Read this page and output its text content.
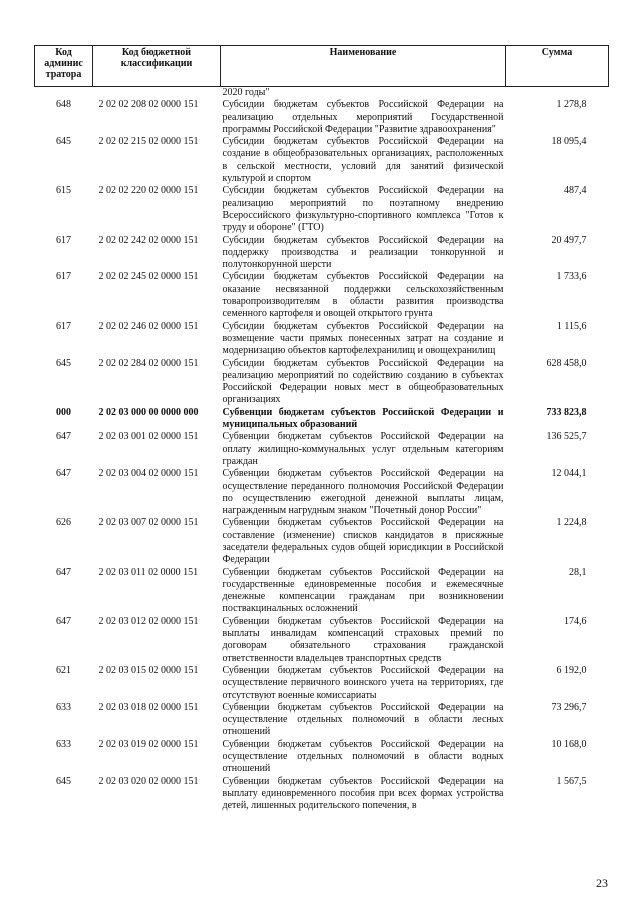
Код админис тратора	Код бюджетной классификации	Наименование	Сумма
		2020 годы"	
648	2 02 02 208 02 0000 151	Субсидии бюджетам субъектов Российской Федерации на реализацию отдельных мероприятий Государственной программы Российской Федерации "Развитие здравоохранения"	1 278,8
645	2 02 02 215 02 0000 151	Субсидии бюджетам субъектов Российской Федерации на создание в общеобразовательных организациях, расположенных в сельской местности, условий для занятий физической культурой и спортом	18 095,4
615	2 02 02 220 02 0000 151	Субсидии бюджетам субъектов Российской Федерации на реализацию мероприятий по поэтапному внедрению Всероссийского физкультурно-спортивного комплекса "Готов к труду и обороне" (ГТО)	487,4
617	2 02 02 242 02 0000 151	Субсидии бюджетам субъектов Российской Федерации на поддержку производства и реализации тонкорунной и полутонкорунной шерсти	20 497,7
617	2 02 02 245 02 0000 151	Субсидии бюджетам субъектов Российской Федерации на оказание несвязанной поддержки сельскохозяйственным товаропроизводителям в области развития производства семенного картофеля и овощей открытого грунта	1 733,6
617	2 02 02 246 02 0000 151	Субсидии бюджетам субъектов Российской Федерации на возмещение части прямых понесенных затрат на создание и модернизацию объектов картофелехранилищ и овощехранилищ	1 115,6
645	2 02 02 284 02 0000 151	Субсидии бюджетам субъектов Российской Федерации на реализацию мероприятий по содействию созданию в субъектах Российской Федерации новых мест в общеобразовательных организациях	628 458,0
000	2 02 03 000 00 0000 000	Субвенции бюджетам субъектов Российской Федерации и муниципальных образований	733 823,8
647	2 02 03 001 02 0000 151	Субвенции бюджетам субъектов Российской Федерации на оплату жилищно-коммунальных услуг отдельным категориям граждан	136 525,7
647	2 02 03 004 02 0000 151	Субвенции бюджетам субъектов Российской Федерации на осуществление переданного полномочия Российской Федерации по осуществлению ежегодной денежной выплаты лицам, награжденным нагрудным знаком "Почетный донор России"	12 044,1
626	2 02 03 007 02 0000 151	Субвенции бюджетам субъектов Российской Федерации на составление (изменение) списков кандидатов в присяжные заседатели федеральных судов общей юрисдикции в Российской Федерации	1 224,8
647	2 02 03 011 02 0000 151	Субвенции бюджетам субъектов Российской Федерации на государственные единовременные пособия и ежемесячные денежные компенсации гражданам при возникновении поствакцинальных осложнений	28,1
647	2 02 03 012 02 0000 151	Субвенции бюджетам субъектов Российской Федерации на выплаты инвалидам компенсаций страховых премий по договорам обязательного страхования гражданской ответственности владельцев транспортных средств	174,6
621	2 02 03 015 02 0000 151	Субвенции бюджетам субъектов Российской Федерации на осуществление первичного воинского учета на территориях, где отсутствуют военные комиссариаты	6 192,0
633	2 02 03 018 02 0000 151	Субвенции бюджетам субъектов Российской Федерации на осуществление отдельных полномочий в области лесных отношений	73 296,7
633	2 02 03 019 02 0000 151	Субвенции бюджетам субъектов Российской Федерации на осуществление отдельных полномочий в области водных отношений	10 168,0
645	2 02 03 020 02 0000 151	Субвенции бюджетам субъектов Российской Федерации на выплату единовременного пособия при всех формах устройства детей, лишенных родительского попечения, в	1 567,5
23
